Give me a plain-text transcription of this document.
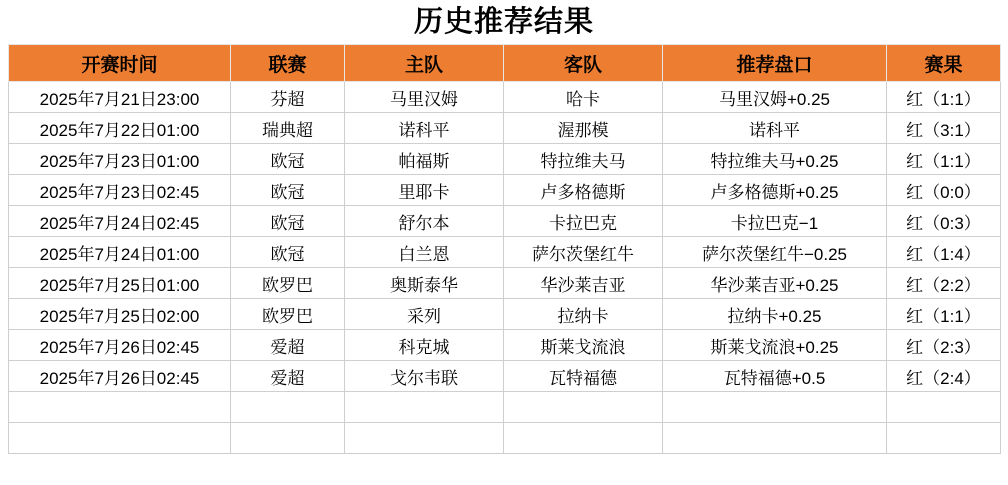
历史推荐结果
开赛时间	联赛	主队	客队	推荐盘口	赛果
2025年7月21日23:00	芬超	马里汉姆	哈卡	马里汉姆+0.25	红（1:1）
2025年7月22日01:00	瑞典超	诺科平	渥那模	诺科平	红（3:1）
2025年7月23日01:00	欧冠	帕福斯	特拉维夫马	特拉维夫马+0.25	红（1:1）
2025年7月23日02:45	欧冠	里耶卡	卢多格德斯	卢多格德斯+0.25	红（0:0）
2025年7月24日02:45	欧冠	舒尔本	卡拉巴克	卡拉巴克−1	红（0:3）
2025年7月24日01:00	欧冠	白兰恩	萨尔茨堡红牛	萨尔茨堡红牛−0.25	红（1:4）
2025年7月25日01:00	欧罗巴	奥斯泰华	华沙莱吉亚	华沙莱吉亚+0.25	红（2:2）
2025年7月25日02:00	欧罗巴	采列	拉纳卡	拉纳卡+0.25	红（1:1）
2025年7月26日02:45	爱超	科克城	斯莱戈流浪	斯莱戈流浪+0.25	红（2:3）
2025年7月26日02:45	爱超	戈尔韦联	瓦特福德	瓦特福德+0.5	红（2:4）
